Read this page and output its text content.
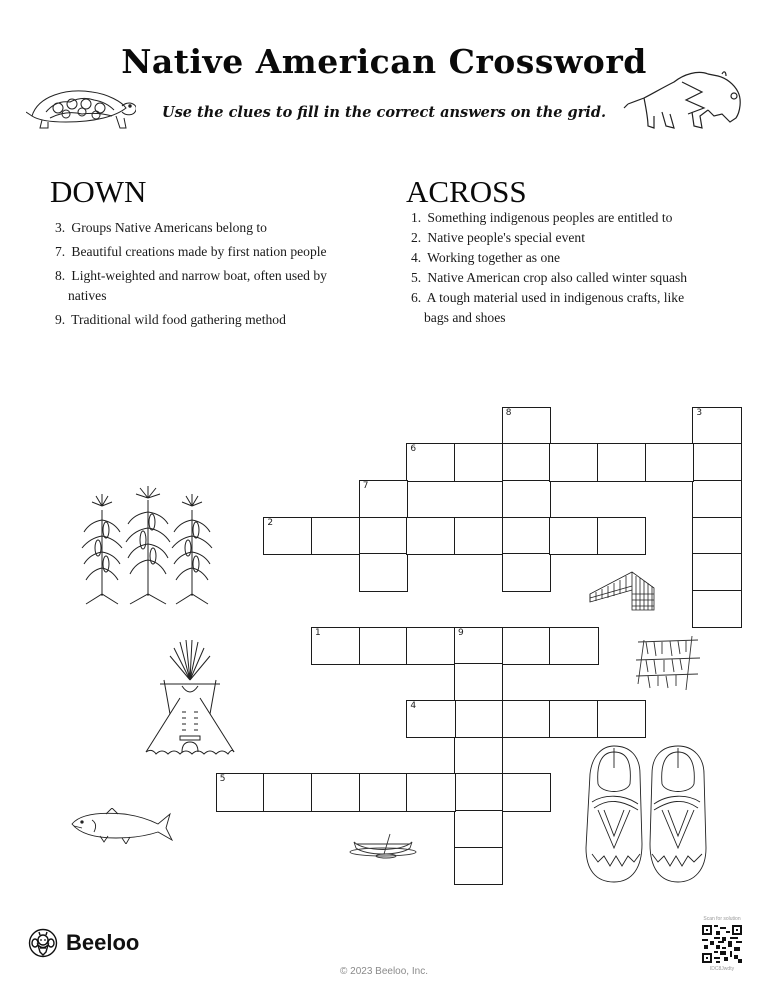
Native American Crossword
Use the clues to fill in the correct answers on the grid.
DOWN
3. Groups Native Americans belong to
7. Beautiful creations made by first nation people
8. Light-weighted and narrow boat, often used by natives
9. Traditional wild food gathering method
ACROSS
1. Something indigenous peoples are entitled to
2. Native people's special event
4. Working together as one
5. Native American crop also called winter squash
6. A tough material used in indigenous crafts, like bags and shoes
8	3
6
7
2
1	9
4
5
Beeloo
© 2023 Beeloo, Inc.
Scan for solution
IDC8Jwdty
